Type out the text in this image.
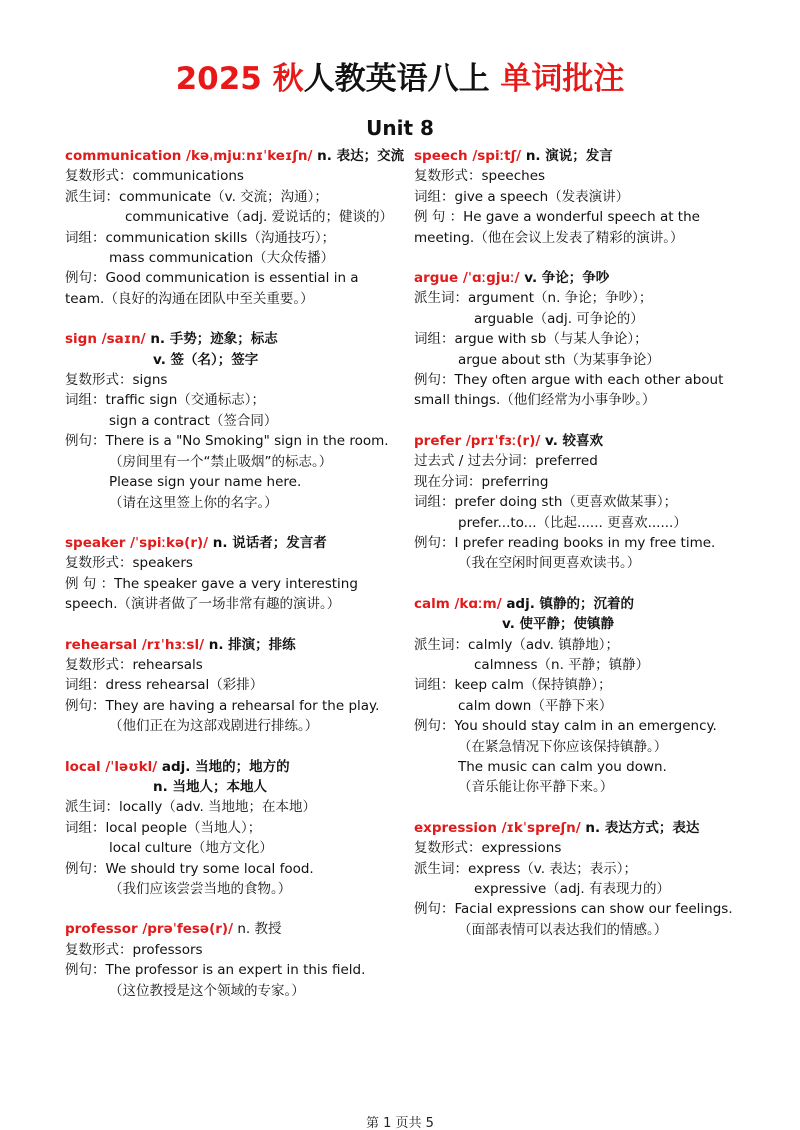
2025 秋人教英语八上 单词批注
Unit 8
communication /kəˌmjuːnɪˈkeɪʃn/ n. 表达；交流
复数形式：communications
派生词：communicate（v. 交流；沟通）；
communicative（adj. 爱说话的；健谈的）
词组：communication skills（沟通技巧）；
mass communication（大众传播）
例句：Good communication is essential in a
team.（良好的沟通在团队中至关重要。）
sign /saɪn/ n. 手势；迹象；标志
v. 签（名）；签字
复数形式：signs
词组：traffic sign（交通标志）；
sign a contract（签合同）
例句：There is a "No Smoking" sign in the room.
（房间里有一个“禁止吸烟”的标志。）
Please sign your name here.
（请在这里签上你的名字。）
speaker /ˈspiːkə(r)/ n. 说话者；发言者
复数形式：speakers
例 句 ：The speaker gave a very interesting
speech.（演讲者做了一场非常有趣的演讲。）
rehearsal /rɪˈhɜːsl/ n. 排演；排练
复数形式：rehearsals
词组：dress rehearsal（彩排）
例句：They are having a rehearsal for the play.
（他们正在为这部戏剧进行排练。）
local /ˈləʊkl/ adj. 当地的；地方的
n. 当地人；本地人
派生词：locally（adv. 当地地；在本地）
词组：local people（当地人）；
local culture（地方文化）
例句：We should try some local food.
（我们应该尝尝当地的食物。）
professor /prəˈfesə(r)/ n. 教授
复数形式：professors
例句：The professor is an expert in this field.
（这位教授是这个领域的专家。）
speech /spiːtʃ/ n. 演说；发言
复数形式：speeches
词组：give a speech（发表演讲）
例 句 ：He gave a wonderful speech at the
meeting.（他在会议上发表了精彩的演讲。）
argue /ˈɑːgjuː/ v. 争论；争吵
派生词：argument（n. 争论；争吵）；
arguable（adj. 可争论的）
词组：argue with sb（与某人争论）；
argue about sth（为某事争论）
例句：They often argue with each other about
small things.（他们经常为小事争吵。）
prefer /prɪˈfɜː(r)/ v. 较喜欢
过去式 / 过去分词：preferred
现在分词：preferring
词组：prefer doing sth（更喜欢做某事）；
prefer...to...（比起...... 更喜欢......）
例句：I prefer reading books in my free time.
（我在空闲时间更喜欢读书。）
calm /kɑːm/ adj. 镇静的；沉着的
v. 使平静；使镇静
派生词：calmly（adv. 镇静地）；
calmness（n. 平静；镇静）
词组：keep calm（保持镇静）；
calm down（平静下来）
例句：You should stay calm in an emergency.
（在紧急情况下你应该保持镇静。）
The music can calm you down.
（音乐能让你平静下来。）
expression /ɪkˈspreʃn/ n. 表达方式；表达
复数形式：expressions
派生词：express（v. 表达；表示）；
expressive（adj. 有表现力的）
例句：Facial expressions can show our feelings.
（面部表情可以表达我们的情感。）
第 1 页共 5
